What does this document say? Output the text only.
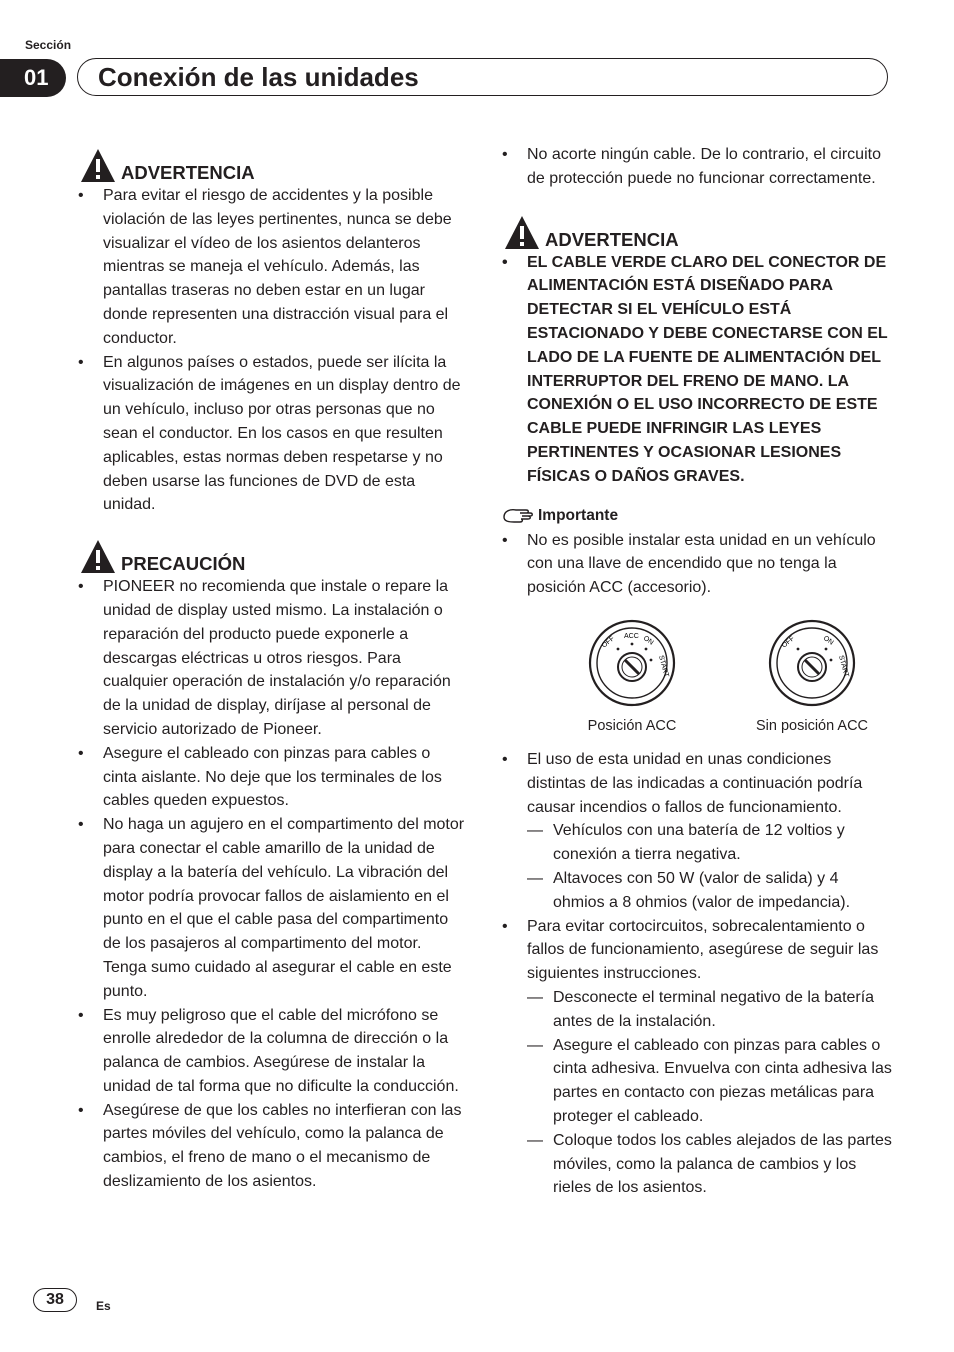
Sección
01	Conexión de las unidades
ADVERTENCIA
• Para evitar el riesgo de accidentes y la posible violación de las leyes pertinentes, nunca se debe visualizar el vídeo de los asientos delanteros mientras se maneja el vehículo. Además, las pantallas traseras no deben estar en un lugar donde representen una distracción visual para el conductor.
• En algunos países o estados, puede ser ilícita la visualización de imágenes en un display dentro de un vehículo, incluso por otras personas que no sean el conductor. En los casos en que resulten aplicables, estas normas deben respetarse y no deben usarse las funciones de DVD de esta unidad.
PRECAUCIÓN
• PIONEER no recomienda que instale o repare la unidad de display usted mismo. La instalación o reparación del producto puede exponerle a descargas eléctricas u otros riesgos. Para cualquier operación de instalación y/o reparación de la unidad de display, diríjase al personal de servicio autorizado de Pioneer.
• Asegure el cableado con pinzas para cables o cinta aislante. No deje que los terminales de los cables queden expuestos.
• No haga un agujero en el compartimento del motor para conectar el cable amarillo de la unidad de display a la batería del vehículo. La vibración del motor podría provocar fallos de aislamiento en el punto en el que el cable pasa del compartimento de los pasajeros al compartimento del motor. Tenga sumo cuidado al asegurar el cable en este punto.
• Es muy peligroso que el cable del micrófono se enrolle alrededor de la columna de dirección o la palanca de cambios. Asegúrese de instalar la unidad de tal forma que no dificulte la conducción.
• Asegúrese de que los cables no interfieran con las partes móviles del vehículo, como la palanca de cambios, el freno de mano o el mecanismo de deslizamiento de los asientos.
• No acorte ningún cable. De lo contrario, el circuito de protección puede no funcionar correctamente.
ADVERTENCIA
• EL CABLE VERDE CLARO DEL CONECTOR DE ALIMENTACIÓN ESTÁ DISEÑADO PARA DETECTAR SI EL VEHÍCULO ESTÁ ESTACIONADO Y DEBE CONECTARSE CON EL LADO DE LA FUENTE DE ALIMENTACIÓN DEL INTERRUPTOR DEL FRENO DE MANO. LA CONEXIÓN O EL USO INCORRECTO DE ESTE CABLE PUEDE INFRINGIR LAS LEYES PERTINENTES Y OCASIONAR LESIONES FÍSICAS O DAÑOS GRAVES.
Importante
• No es posible instalar esta unidad en un vehículo con una llave de encendido que no tenga la posición ACC (accesorio).
OFF ACC ON
START
Posición ACC
OFF	ON
START
Sin posición ACC
• El uso de esta unidad en unas condiciones distintas de las indicadas a continuación podría causar incendios o fallos de funcionamiento.
— Vehículos con una batería de 12 voltios y conexión a tierra negativa.
— Altavoces con 50 W (valor de salida) y 4 ohmios a 8 ohmios (valor de impedancia).
• Para evitar cortocircuitos, sobrecalentamiento o fallos de funcionamiento, asegúrese de seguir las siguientes instrucciones.
— Desconecte el terminal negativo de la batería antes de la instalación.
— Asegure el cableado con pinzas para cables o cinta adhesiva. Envuelva con cinta adhesiva las partes en contacto con piezas metálicas para proteger el cableado.
— Coloque todos los cables alejados de las partes móviles, como la palanca de cambios y los rieles de los asientos.
38	Es
